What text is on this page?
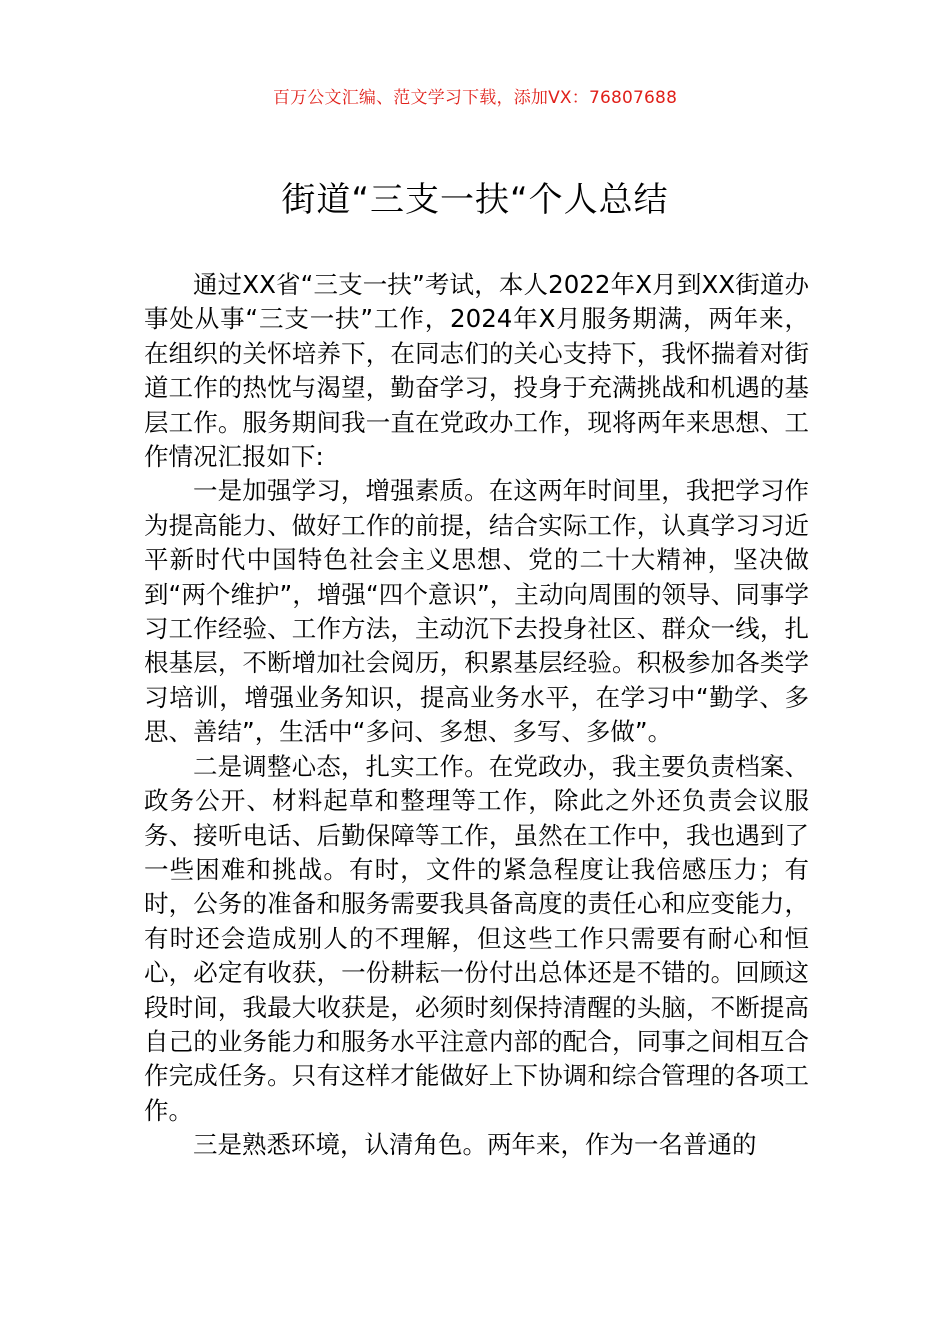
百万公文汇编、范文学习下载，添加VX：76807688
街道“三支一扶“个人总结

通过XX省“三支一扶”考试，本人2022年X月到XX街道办事处从事“三支一扶”工作，2024年X月服务期满，两年来，在组织的关怀培养下，在同志们的关心支持下，我怀揣着对街道工作的热忱与渴望，勤奋学习，投身于充满挑战和机遇的基层工作。服务期间我一直在党政办工作，现将两年来思想、工作情况汇报如下:

一是加强学习，增强素质。在这两年时间里，我把学习作为提高能力、做好工作的前提，结合实际工作，认真学习习近平新时代中国特色社会主义思想、党的二十大精神，坚决做到“两个维护”，增强“四个意识”，主动向周围的领导、同事学习工作经验、工作方法，主动沉下去投身社区、群众一线，扎根基层，不断增加社会阅历，积累基层经验。积极参加各类学习培训，增强业务知识，提高业务水平，在学习中“勤学、多思、善结”，生活中“多问、多想、多写、多做”。

二是调整心态，扎实工作。在党政办，我主要负责档案、政务公开、材料起草和整理等工作，除此之外还负责会议服务、接听电话、后勤保障等工作，虽然在工作中，我也遇到了一些困难和挑战。有时，文件的紧急程度让我倍感压力；有时，公务的准备和服务需要我具备高度的责任心和应变能力，有时还会造成别人的不理解，但这些工作只需要有耐心和恒心，必定有收获，一份耕耘一份付出总体还是不错的。回顾这段时间，我最大收获是，必须时刻保持清醒的头脑，不断提高自己的业务能力和服务水平注意内部的配合，同事之间相互合作完成任务。只有这样才能做好上下协调和综合管理的各项工作。

三是熟悉环境，认清角色。两年来，作为一名普通的
